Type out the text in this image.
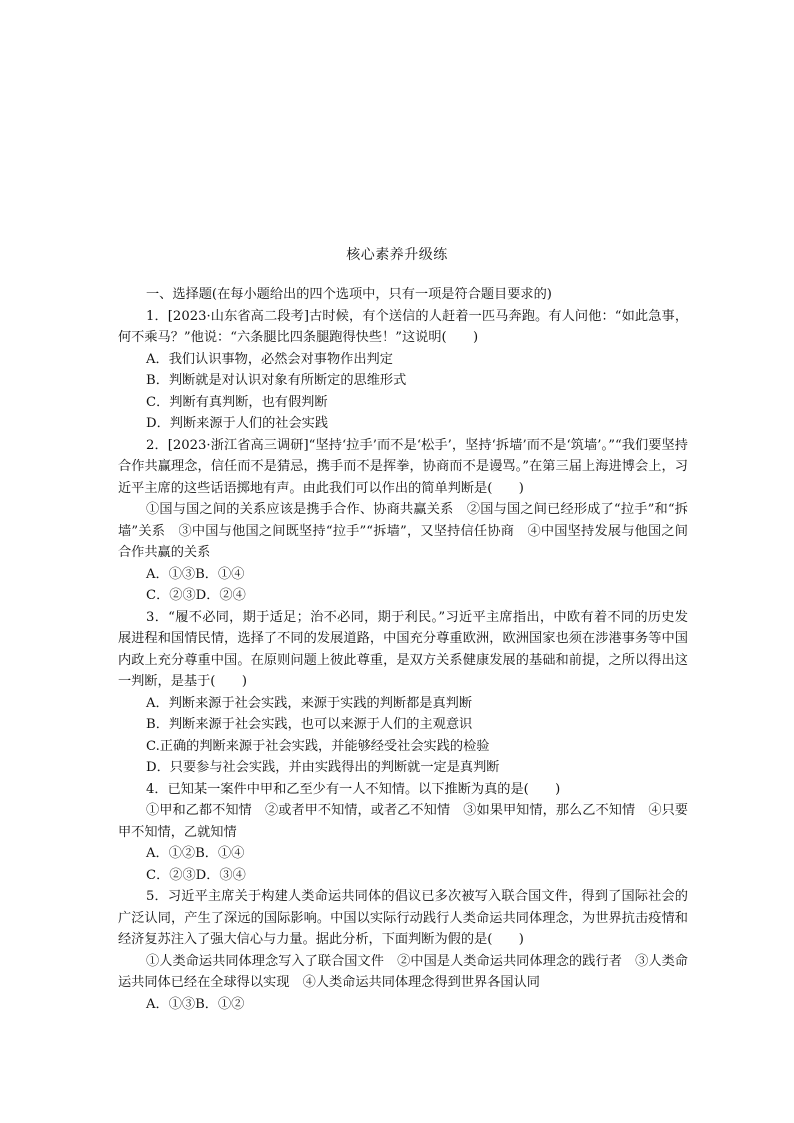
核心素养升级练

一、选择题(在每小题给出的四个选项中，只有一项是符合题目要求的)

1．[2023·山东省高二段考]古时候，有个送信的人赶着一匹马奔跑。有人问他：“如此急事，何不乘马？”他说：“六条腿比四条腿跑得快些！”这说明(　　)

A．我们认识事物，必然会对事物作出判定

B．判断就是对认识对象有所断定的思维形式

C．判断有真判断，也有假判断

D．判断来源于人们的社会实践

2．[2023·浙江省高三调研]“坚持‘拉手’而不是‘松手’，坚持‘拆墙’而不是‘筑墙’。”“我们要坚持合作共赢理念，信任而不是猜忌，携手而不是挥拳，协商而不是谩骂。”在第三届上海进博会上，习近平主席的这些话语掷地有声。由此我们可以作出的简单判断是(　　)

①国与国之间的关系应该是携手合作、协商共赢关系　②国与国之间已经形成了“拉手”和“拆墙”关系　③中国与他国之间既坚持“拉手”“拆墙”，又坚持信任协商　④中国坚持发展与他国之间合作共赢的关系

A．①③B．①④

C．②③D．②④

3．“履不必同，期于适足；治不必同，期于利民。”习近平主席指出，中欧有着不同的历史发展进程和国情民情，选择了不同的发展道路，中国充分尊重欧洲，欧洲国家也须在涉港事务等中国内政上充分尊重中国。在原则问题上彼此尊重，是双方关系健康发展的基础和前提，之所以得出这一判断，是基于(　　)

A．判断来源于社会实践，来源于实践的判断都是真判断

B．判断来源于社会实践，也可以来源于人们的主观意识

C.正确的判断来源于社会实践，并能够经受社会实践的检验

D．只要参与社会实践，并由实践得出的判断就一定是真判断

4．已知某一案件中甲和乙至少有一人不知情。以下推断为真的是(　　)

①甲和乙都不知情　②或者甲不知情，或者乙不知情　③如果甲知情，那么乙不知情　④只要甲不知情，乙就知情

A．①②B．①④

C．②③D．③④

5．习近平主席关于构建人类命运共同体的倡议已多次被写入联合国文件，得到了国际社会的广泛认同，产生了深远的国际影响。中国以实际行动践行人类命运共同体理念，为世界抗击疫情和经济复苏注入了强大信心与力量。据此分析，下面判断为假的是(　　)

①人类命运共同体理念写入了联合国文件　②中国是人类命运共同体理念的践行者　③人类命运共同体已经在全球得以实现　④人类命运共同体理念得到世界各国认同

A．①③B．①②
